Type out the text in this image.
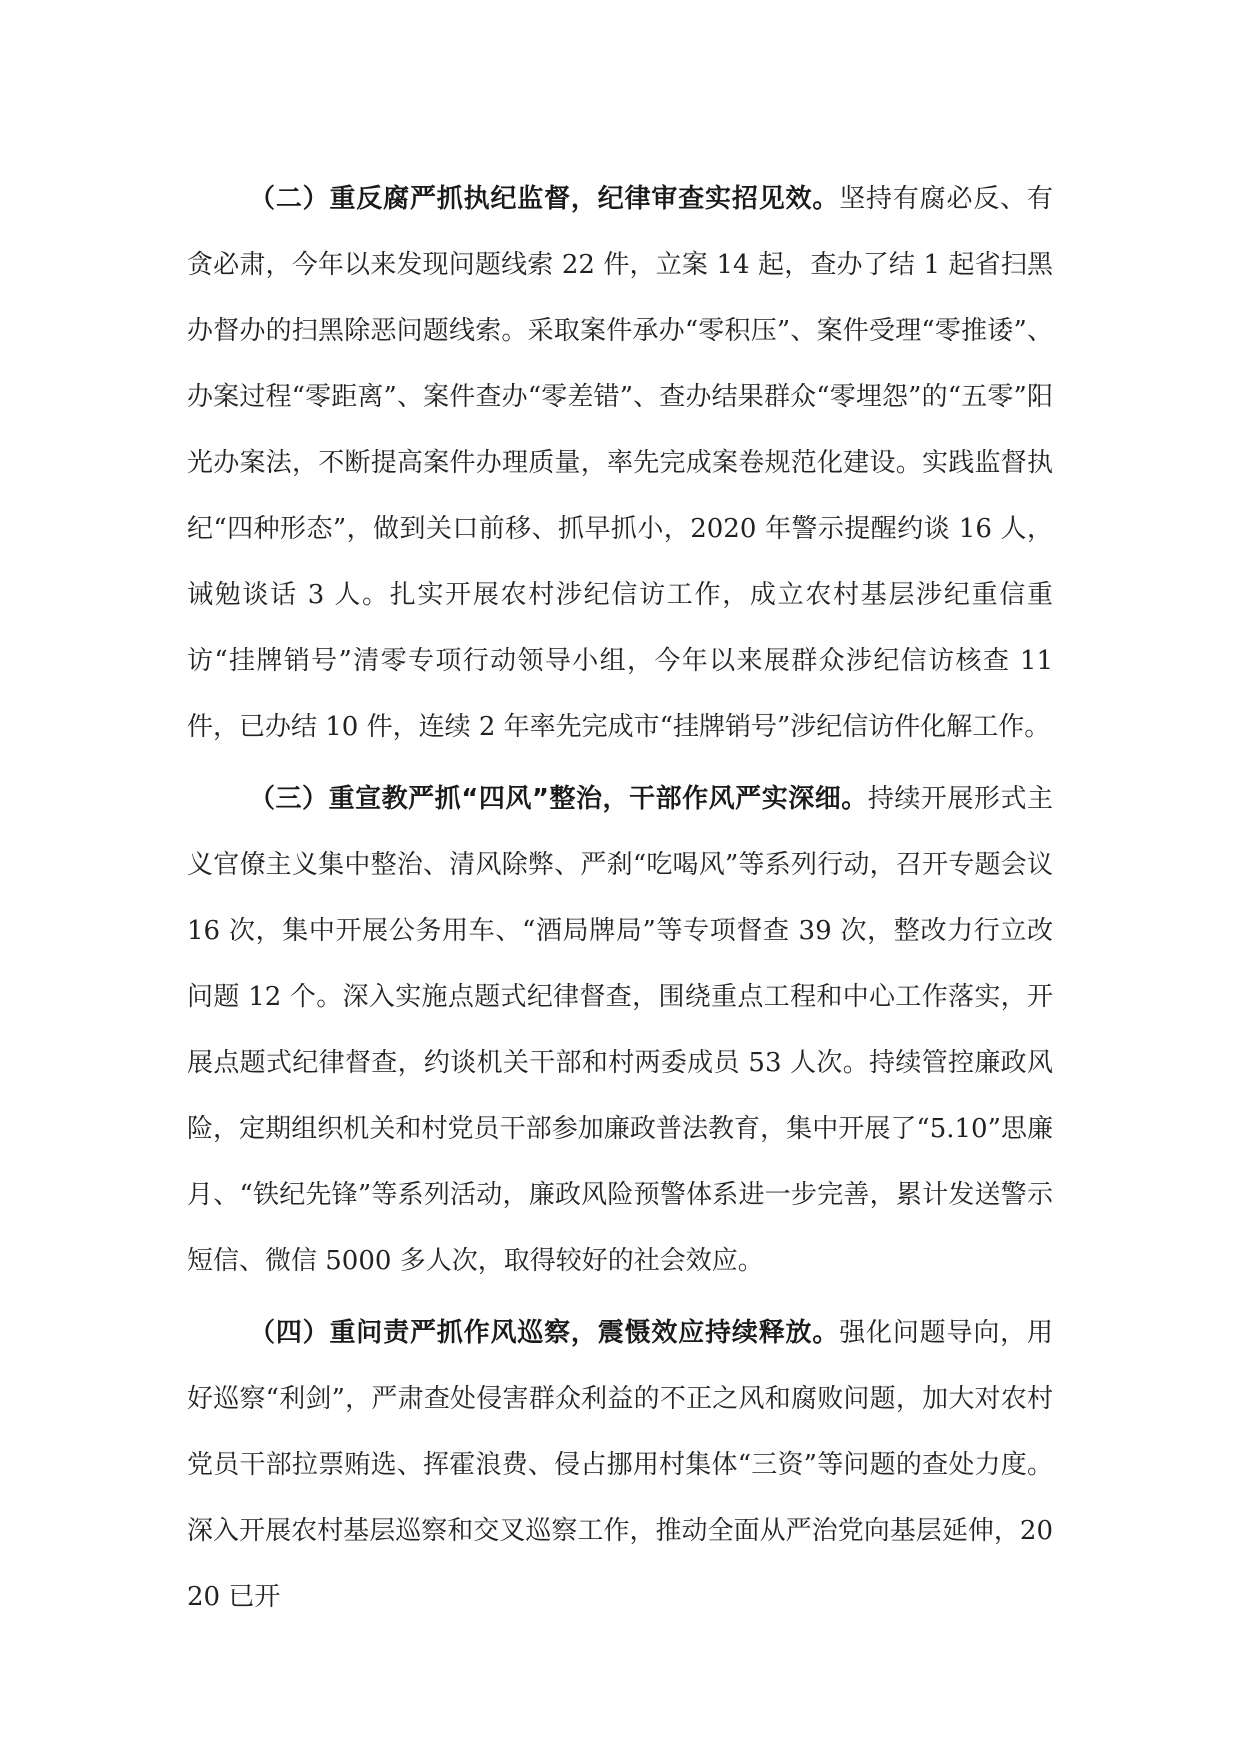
（二）重反腐严抓执纪监督，纪律审查实招见效。坚持有腐必反、有贪必肃，今年以来发现问题线索 22 件，立案 14 起，查办了结 1 起省扫黑办督办的扫黑除恶问题线索。采取案件承办“零积压”、案件受理“零推诿”、办案过程“零距离”、案件查办“零差错”、查办结果群众“零埋怨”的“五零”阳光办案法，不断提高案件办理质量，率先完成案卷规范化建设。实践监督执纪“四种形态”，做到关口前移、抓早抓小，2020 年警示提醒约谈 16 人，诫勉谈话 3 人。扎实开展农村涉纪信访工作，成立农村基层涉纪重信重访“挂牌销号”清零专项行动领导小组，今年以来展群众涉纪信访核查 11 件，已办结 10 件，连续 2 年率先完成市“挂牌销号”涉纪信访件化解工作。

（三）重宣教严抓“四风”整治，干部作风严实深细。持续开展形式主义官僚主义集中整治、清风除弊、严刹“吃喝风”等系列行动，召开专题会议 16 次，集中开展公务用车、“酒局牌局”等专项督查 39 次，整改力行立改问题 12 个。深入实施点题式纪律督查，围绕重点工程和中心工作落实，开展点题式纪律督查，约谈机关干部和村两委成员 53 人次。持续管控廉政风险，定期组织机关和村党员干部参加廉政普法教育，集中开展了“5.10”思廉月、“铁纪先锋”等系列活动，廉政风险预警体系进一步完善，累计发送警示短信、微信 5000 多人次，取得较好的社会效应。

（四）重问责严抓作风巡察，震慑效应持续释放。强化问题导向，用好巡察“利剑”，严肃查处侵害群众利益的不正之风和腐败问题，加大对农村党员干部拉票贿选、挥霍浪费、侵占挪用村集体“三资”等问题的查处力度。深入开展农村基层巡察和交叉巡察工作，推动全面从严治党向基层延伸，2020 已开
